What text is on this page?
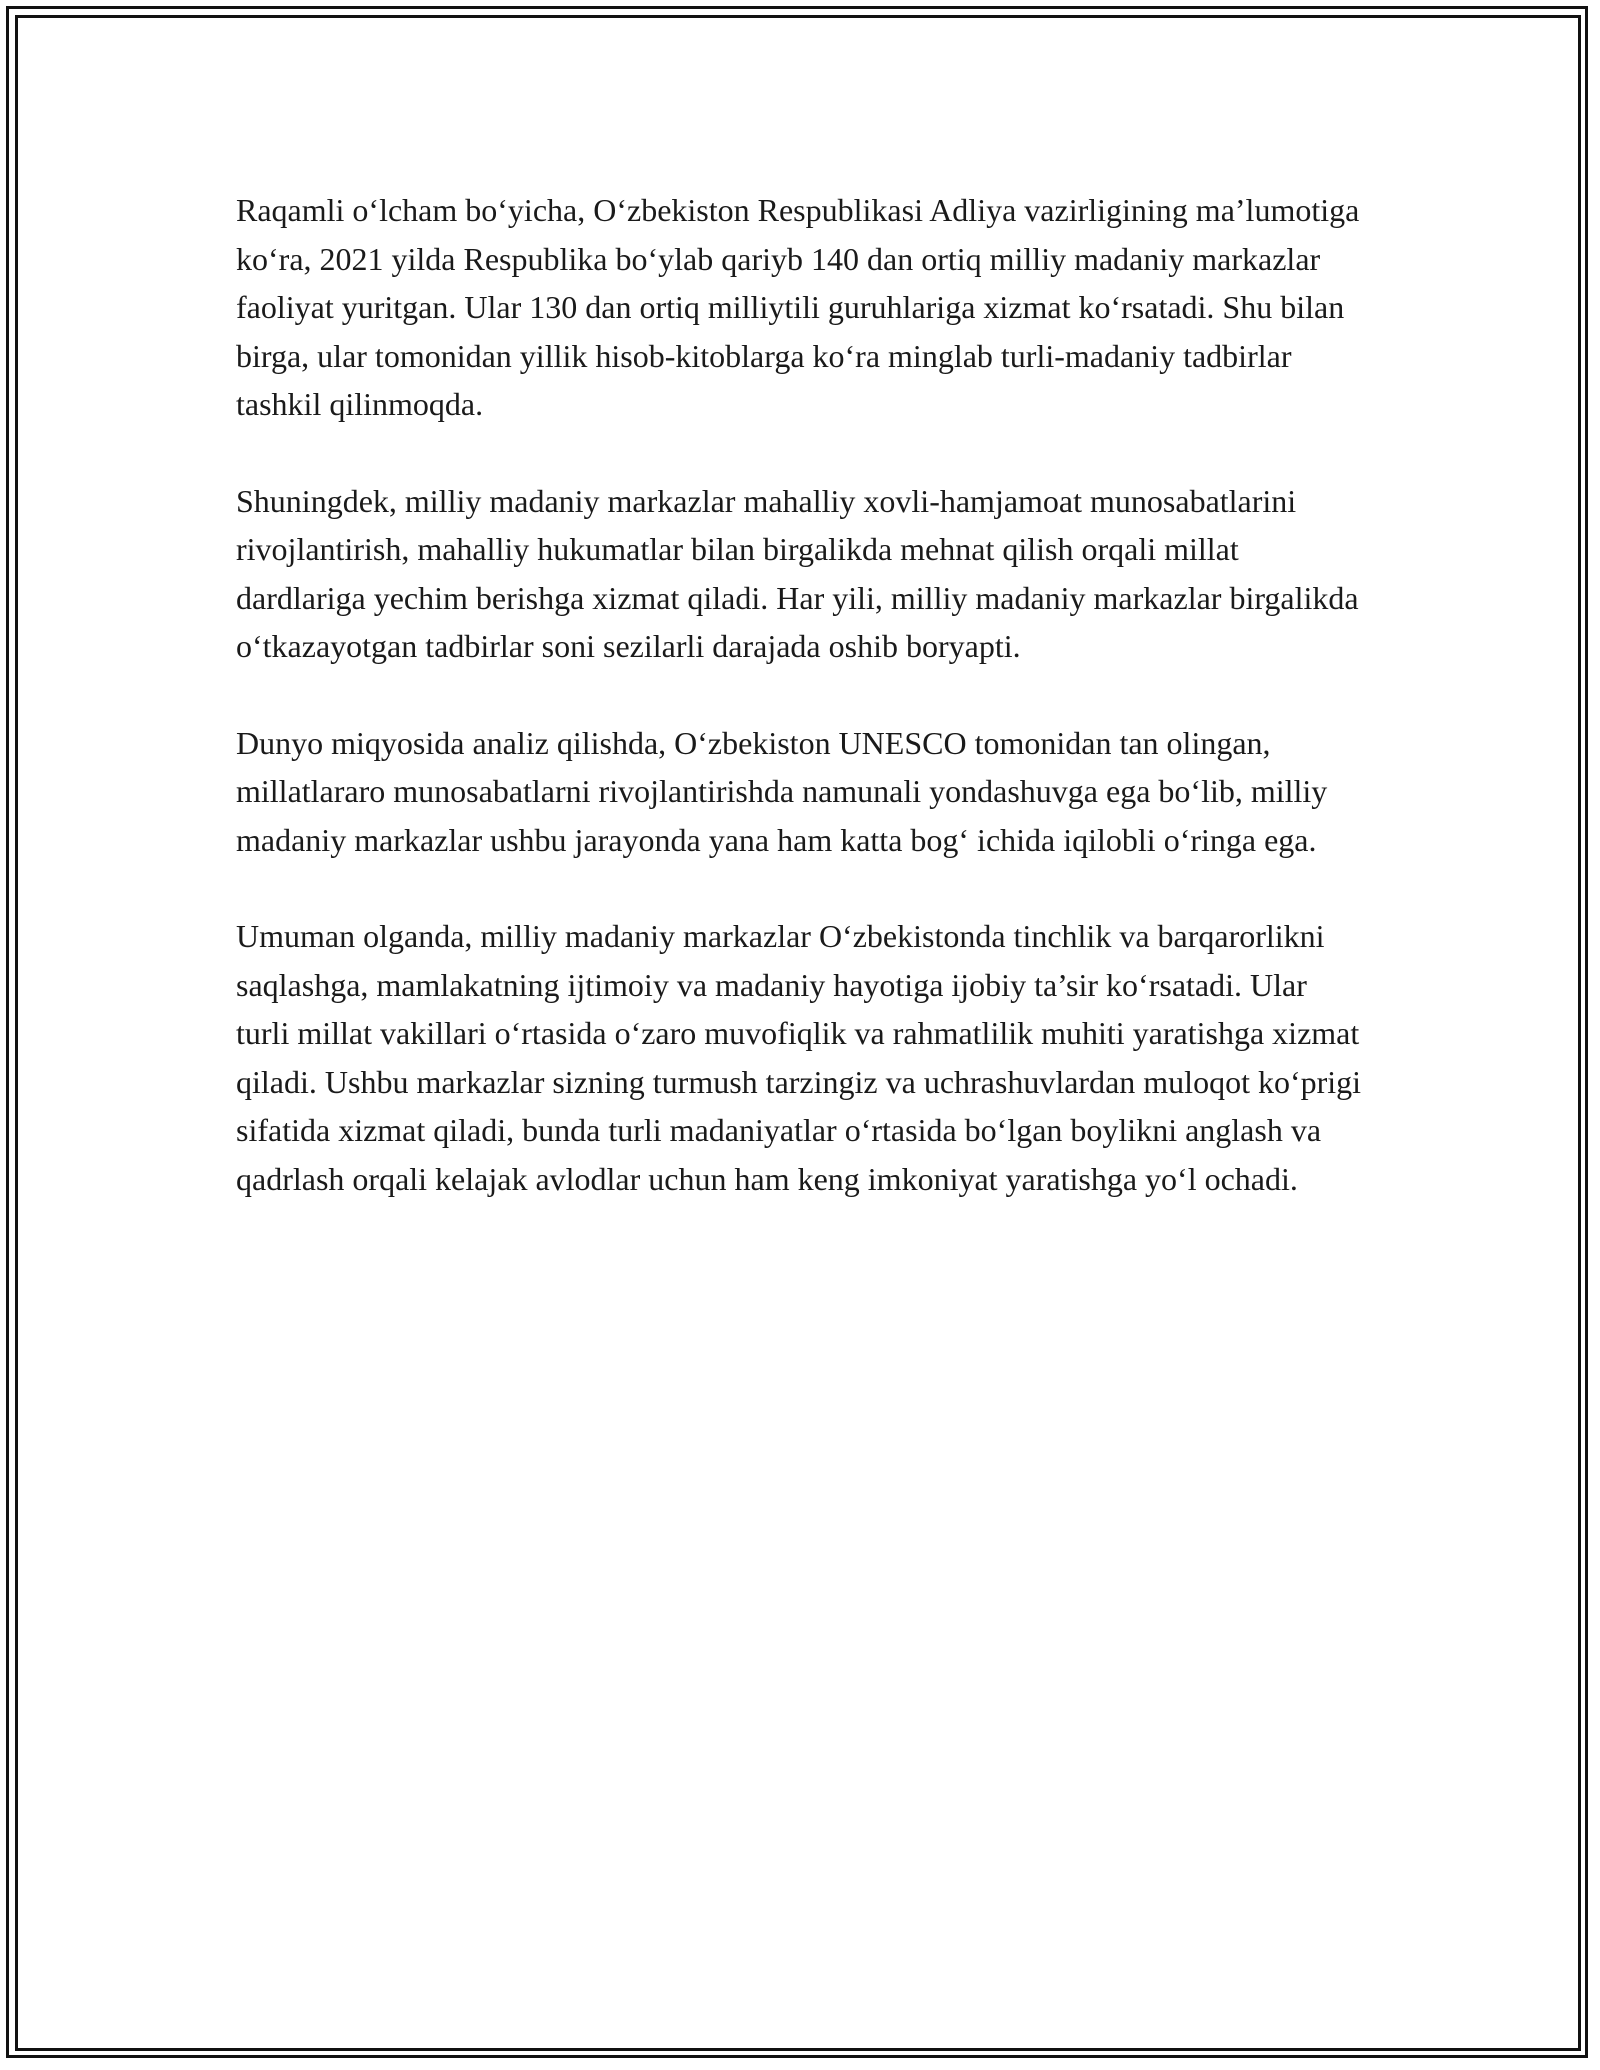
Raqamli o‘lcham bo‘yicha, O‘zbekiston Respublikasi Adliya vazirligining ma’lumotiga ko‘ra, 2021 yilda Respublika bo‘ylab qariyb 140 dan ortiq milliy madaniy markazlar faoliyat yuritgan. Ular 130 dan ortiq milliytili guruhlariga xizmat ko‘rsatadi. Shu bilan birga, ular tomonidan yillik hisob-kitoblarga ko‘ra minglab turli-madaniy tadbirlar tashkil qilinmoqda.

Shuningdek, milliy madaniy markazlar mahalliy xovli-hamjamoat munosabatlarini rivojlantirish, mahalliy hukumatlar bilan birgalikda mehnat qilish orqali millat dardlariga yechim berishga xizmat qiladi. Har yili, milliy madaniy markazlar birgalikda o‘tkazayotgan tadbirlar soni sezilarli darajada oshib boryapti.

Dunyo miqyosida analiz qilishda, O‘zbekiston UNESCO tomonidan tan olingan, millatlararo munosabatlarni rivojlantirishda namunali yondashuvga ega bo‘lib, milliy madaniy markazlar ushbu jarayonda yana ham katta bog‘ ichida iqilobli o‘ringa ega.

Umuman olganda, milliy madaniy markazlar O‘zbekistonda tinchlik va barqarorlikni saqlashga, mamlakatning ijtimoiy va madaniy hayotiga ijobiy ta’sir ko‘rsatadi. Ular turli millat vakillari o‘rtasida o‘zaro muvofiqlik va rahmatlilik muhiti yaratishga xizmat qiladi. Ushbu markazlar sizning turmush tarzingiz va uchrashuvlardan muloqot ko‘prigi sifatida xizmat qiladi, bunda turli madaniyatlar o‘rtasida bo‘lgan boylikni anglash va qadrlash orqali kelajak avlodlar uchun ham keng imkoniyat yaratishga yo‘l ochadi.
